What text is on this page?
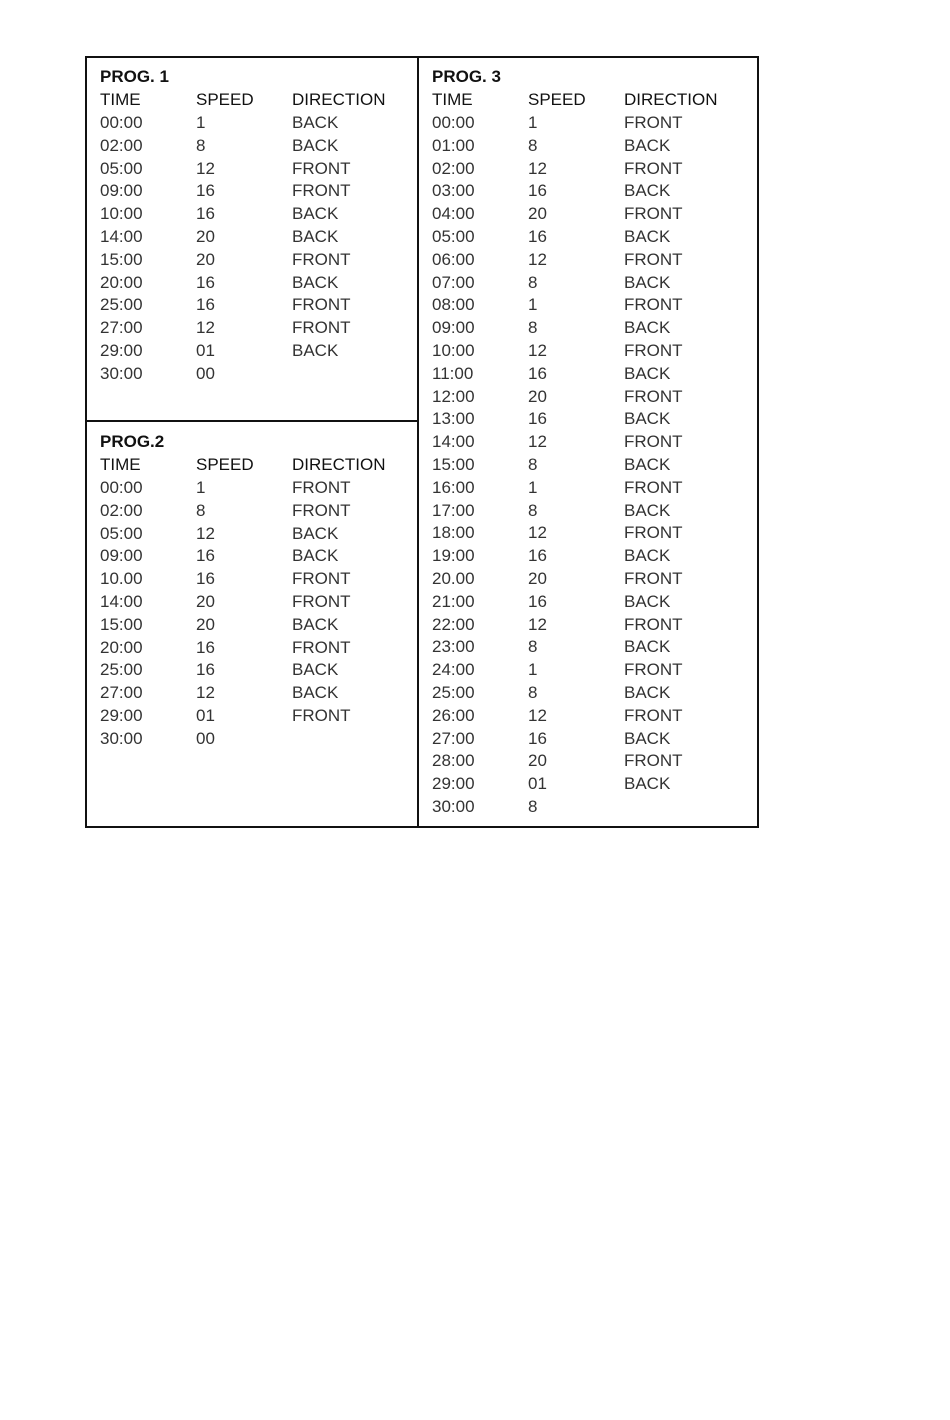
PROG. 1
TIME	SPEED DIRECTION
00:00	1	BACK
02:00	8	BACK
05:00	12	FRONT
09:00	16	FRONT
10:00	16	BACK
14:00	20	BACK
15:00	20	FRONT
20:00	16	BACK
25:00	16	FRONT
27:00	12	FRONT
29:00	01	BACK
30:00	00
PROG.2
TIME	SPEED DIRECTION
00:00	1	FRONT
02:00	8	FRONT
05:00	12	BACK
09:00	16	BACK
10.00	16	FRONT
14:00	20	FRONT
15:00	20	BACK
20:00	16	FRONT
25:00	16	BACK
27:00	12	BACK
29:00	01	FRONT
30:00	00
PROG. 3
TIME	SPEED DIRECTION
00:00	1	FRONT
01:00	8	BACK
02:00	12	FRONT
03:00	16	BACK
04:00	20	FRONT
05:00	16	BACK
06:00	12	FRONT
07:00	8	BACK
08:00	1	FRONT
09:00	8	BACK
10:00	12	FRONT
11:00	16	BACK
12:00	20	FRONT
13:00	16	BACK
14:00	12	FRONT
15:00	8	BACK
16:00	1	FRONT
17:00	8	BACK
18:00	12	FRONT
19:00	16	BACK
20.00	20	FRONT
21:00	16	BACK
22:00	12	FRONT
23:00	8	BACK
24:00	1	FRONT
25:00	8	BACK
26:00	12	FRONT
27:00	16	BACK
28:00	20	FRONT
29:00	01	BACK
30:00	8
